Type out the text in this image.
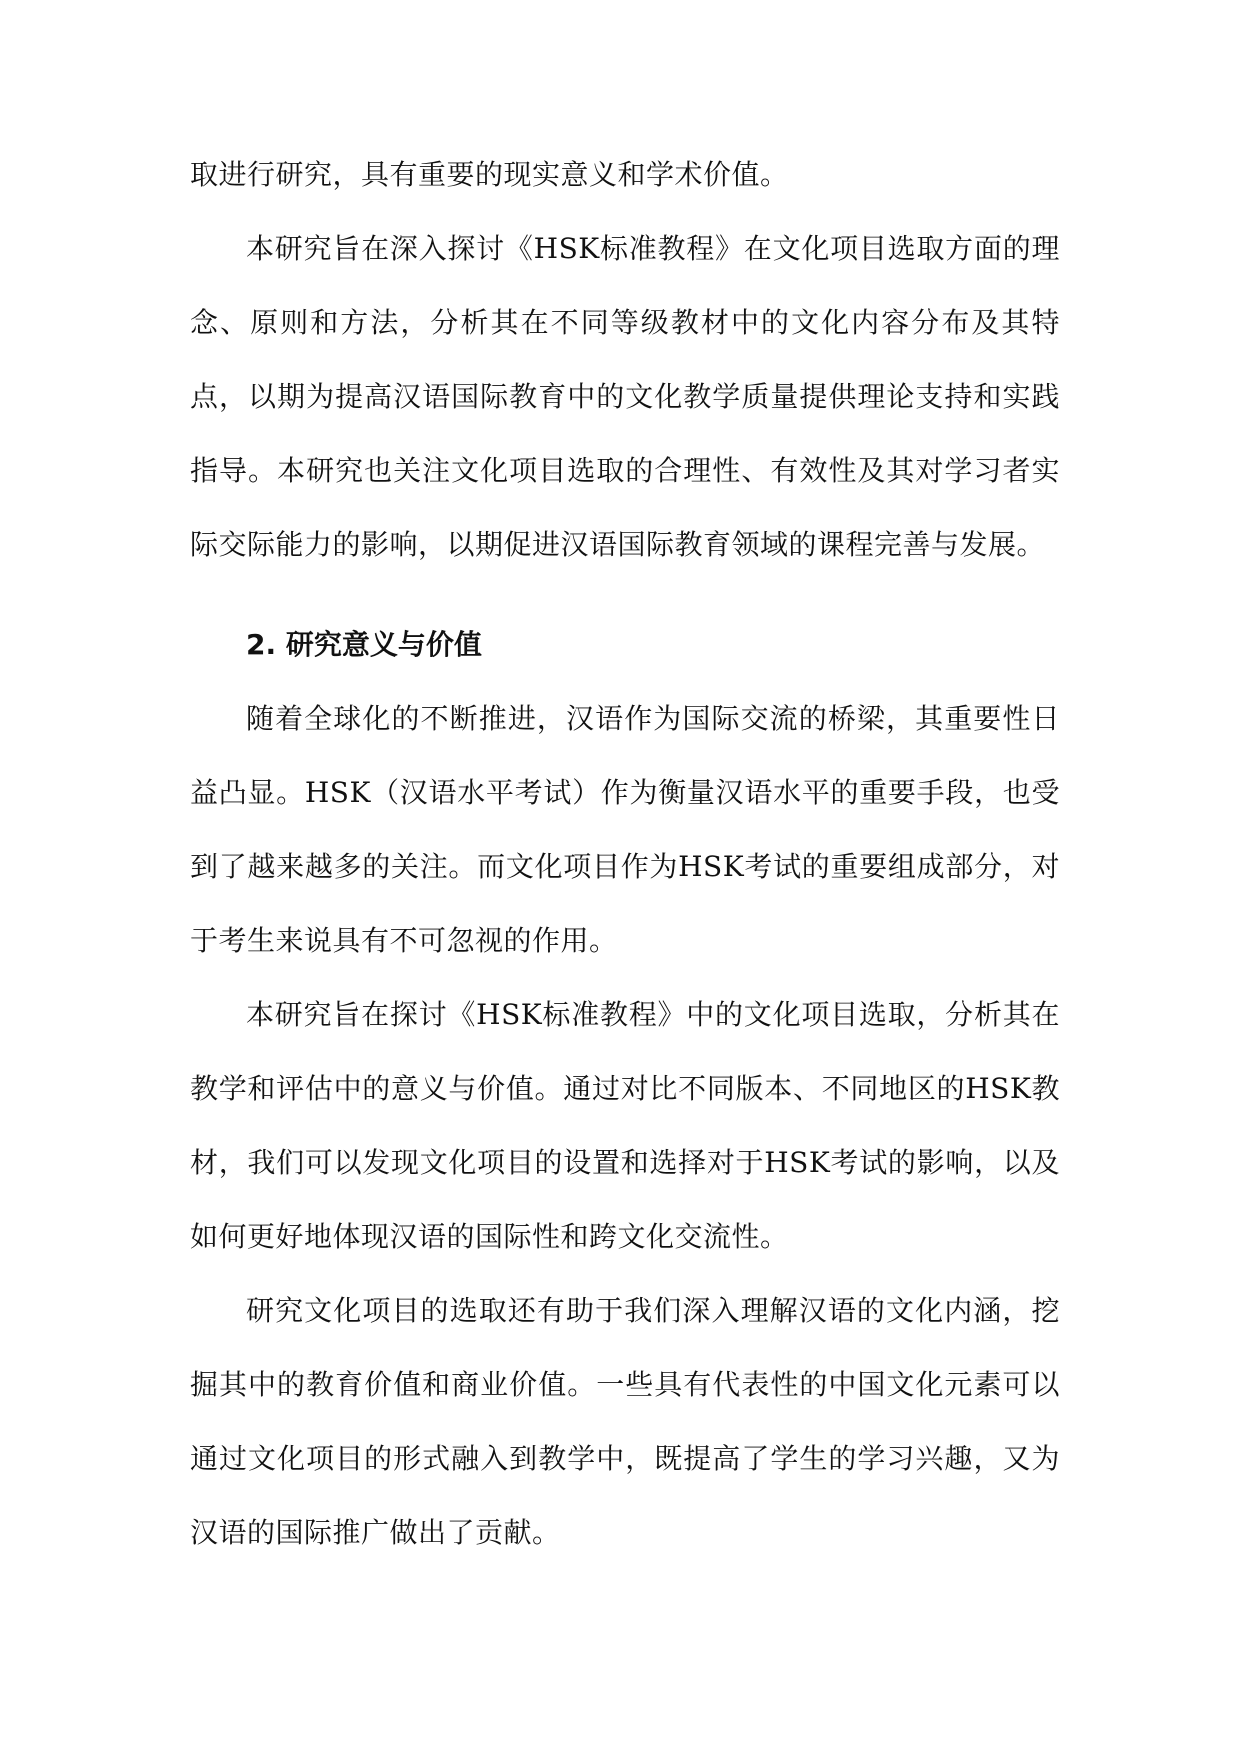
取进行研究，具有重要的现实意义和学术价值。

本研究旨在深入探讨《HSK标准教程》在文化项目选取方面的理念、原则和方法，分析其在不同等级教材中的文化内容分布及其特点，以期为提高汉语国际教育中的文化教学质量提供理论支持和实践指导。本研究也关注文化项目选取的合理性、有效性及其对学习者实际交际能力的影响，以期促进汉语国际教育领域的课程完善与发展。

2. 研究意义与价值

随着全球化的不断推进，汉语作为国际交流的桥梁，其重要性日益凸显。HSK（汉语水平考试）作为衡量汉语水平的重要手段，也受到了越来越多的关注。而文化项目作为HSK考试的重要组成部分，对于考生来说具有不可忽视的作用。

本研究旨在探讨《HSK标准教程》中的文化项目选取，分析其在教学和评估中的意义与价值。通过对比不同版本、不同地区的HSK教材，我们可以发现文化项目的设置和选择对于HSK考试的影响，以及如何更好地体现汉语的国际性和跨文化交流性。

研究文化项目的选取还有助于我们深入理解汉语的文化内涵，挖掘其中的教育价值和商业价值。一些具有代表性的中国文化元素可以通过文化项目的形式融入到教学中，既提高了学生的学习兴趣，又为汉语的国际推广做出了贡献。
